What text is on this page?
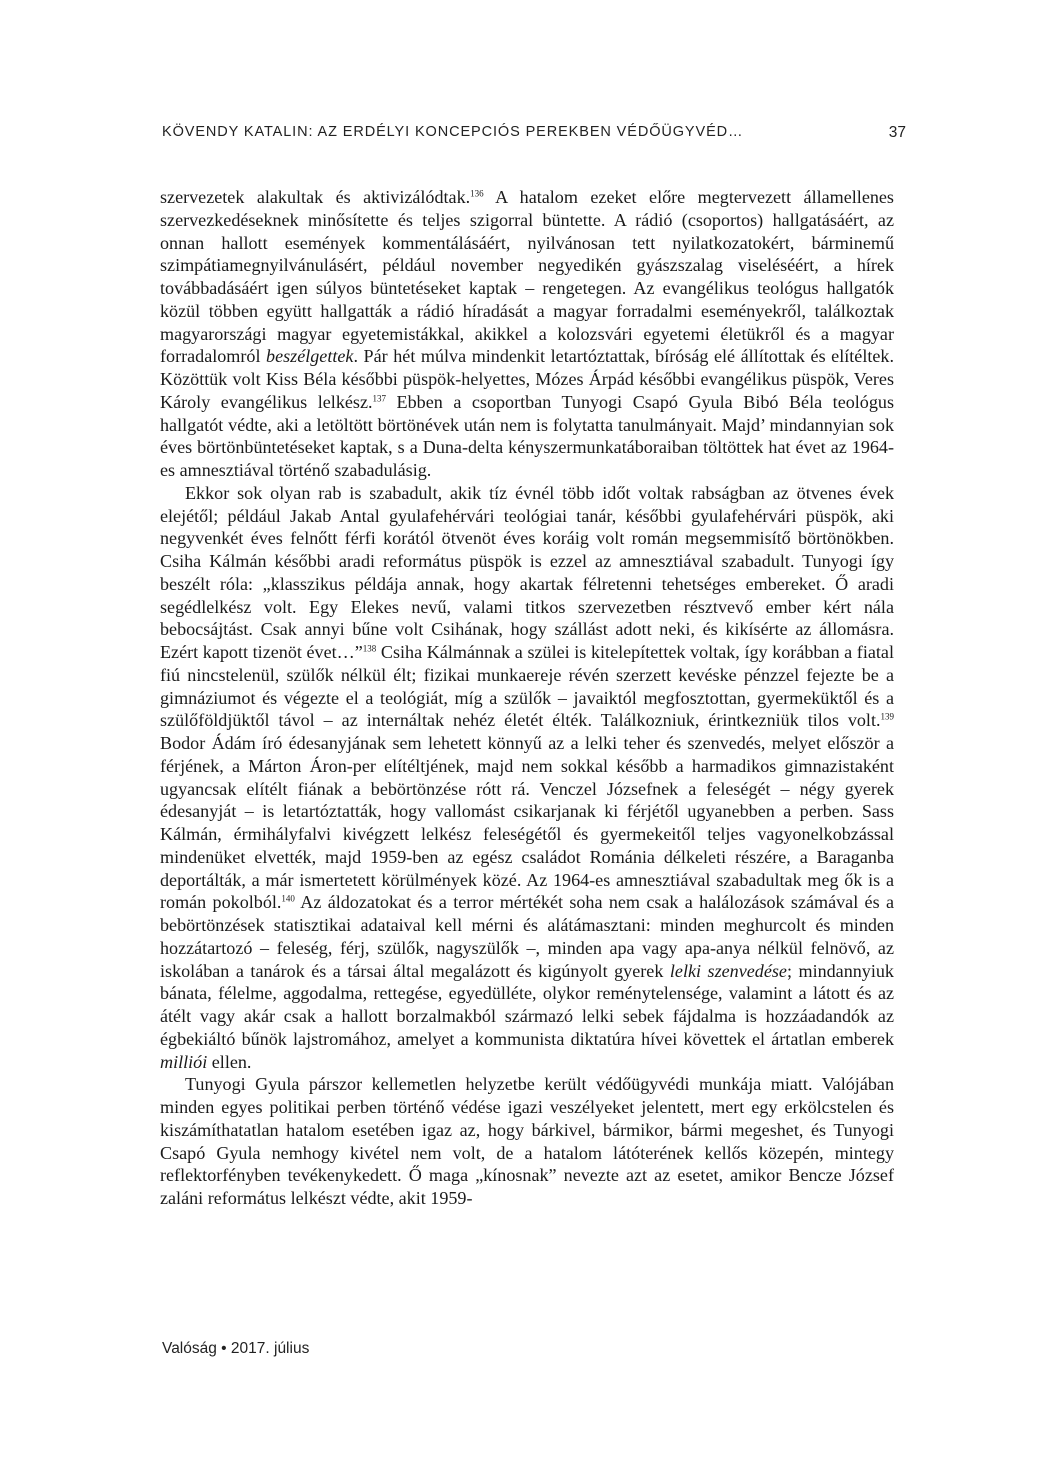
KÖVENDY KATALIN: AZ ERDÉLYI KONCEPCIÓS PEREKBEN VÉDŐÜGYVÉD…	37

szervezetek alakultak és aktivizálódtak.$^{136}$ A hatalom ezeket előre megtervezett államellenes szervezkedéseknek minősítette és teljes szigorral büntette. A rádió (csoportos) hallgatásáért, az onnan hallott események kommentálásáért, nyilvánosan tett nyilatkozatokért, bárminemű szimpátiamegnyilvánulásért, például november negyedikén gyászszalag viseléséért, a hírek továbbadásáért igen súlyos büntetéseket kaptak – rengetegen. Az evangélikus teológus hallgatók közül többen együtt hallgatták a rádió híradását a magyar forradalmi eseményekről, találkoztak magyarországi magyar egyetemistákkal, akikkel a kolozsvári egyetemi életükről és a magyar forradalomról beszélgettek. Pár hét múlva mindenkit letartóztattak, bíróság elé állítottak és elítéltek. Közöttük volt Kiss Béla későbbi püspök-helyettes, Mózes Árpád későbbi evangélikus püspök, Veres Károly evangélikus lelkész.$^{137}$ Ebben a csoportban Tunyogi Csapó Gyula Bibó Béla teológus hallgatót védte, aki a letöltött börtönévek után nem is folytatta tanulmányait. Majd’ mindannyian sok éves börtönbüntetéseket kaptak, s a Duna-delta kényszermunkatáboraiban töltöttek hat évet az 1964-es amnesztiával történő szabadulásig.

Ekkor sok olyan rab is szabadult, akik tíz évnél több időt voltak rabságban az ötvenes évek elejétől; például Jakab Antal gyulafehérvári teológiai tanár, későbbi gyulafehérvári püspök, aki negyvenkét éves felnőtt férfi korától ötvenöt éves koráig volt román megsemmisítő börtönökben. Csiha Kálmán későbbi aradi református püspök is ezzel az amnesztiával szabadult. Tunyogi így beszélt róla: „klasszikus példája annak, hogy akartak félretenni tehetséges embereket. Ő aradi segédlelkész volt. Egy Elekes nevű, valami titkos szervezetben résztvevő ember kért nála bebocsájtást. Csak annyi bűne volt Csihának, hogy szállást adott neki, és kikísérte az állomásra. Ezért kapott tizenöt évet…”$^{138}$ Csiha Kálmánnak a szülei is kitelepítettek voltak, így korábban a fiatal fiú nincstelenül, szülők nélkül élt; fizikai munkaereje révén szerzett kevéske pénzzel fejezte be a gimnáziumot és végezte el a teológiát, míg a szülők – javaiktól megfosztottan, gyermeküktől és a szülőföldjüktől távol – az internáltak nehéz életét élték. Találkozniuk, érintkezniük tilos volt.$^{139}$ Bodor Ádám író édesanyjának sem lehetett könnyű az a lelki teher és szenvedés, melyet először a férjének, a Márton Áron-per elítéltjének, majd nem sokkal később a harmadikos gimnazistaként ugyancsak elítélt fiának a bebörtönzése rótt rá. Venczel Józsefnek a feleségét – négy gyerek édesanyját – is letartóztatták, hogy vallomást csikarjanak ki férjétől ugyanebben a perben. Sass Kálmán, érmihályfalvi kivégzett lelkész feleségétől és gyermekeitől teljes vagyonelkobzással mindenüket elvették, majd 1959-ben az egész családot Románia délkeleti részére, a Baraganba deportálták, a már ismertetett körülmények közé. Az 1964-es amnesztiával szabadultak meg ők is a román pokolból.$^{140}$ Az áldozatokat és a terror mértékét soha nem csak a halálozások számával és a bebörtönzések statisztikai adataival kell mérni és alátámasztani: minden meghurcolt és minden hozzátartozó – feleség, férj, szülők, nagyszülők –, minden apa vagy apa-anya nélkül felnövő, az iskolában a tanárok és a társai által megalázott és kigúnyolt gyerek lelki szenvedése; mindannyiuk bánata, félelme, aggodalma, rettegése, egyedülléte, olykor reménytelensége, valamint a látott és az átélt vagy akár csak a hallott borzalmakból származó lelki sebek fájdalma is hozzáadandók az égbekiáltó bűnök lajstromához, amelyet a kommunista diktatúra hívei követtek el ártatlan emberek milliói ellen.

Tunyogi Gyula párszor kellemetlen helyzetbe került védőügyvédi munkája miatt. Valójában minden egyes politikai perben történő védése igazi veszélyeket jelentett, mert egy erkölcstelen és kiszámíthatatlan hatalom esetében igaz az, hogy bárkivel, bármikor, bármi megeshet, és Tunyogi Csapó Gyula nemhogy kivétel nem volt, de a hatalom látóterének kellős közepén, mintegy reflektorfényben tevékenykedett. Ő maga „kínosnak” nevezte azt az esetet, amikor Bencze József zaláni református lelkészt védte, akit 1959-

Valóság • 2017. július
